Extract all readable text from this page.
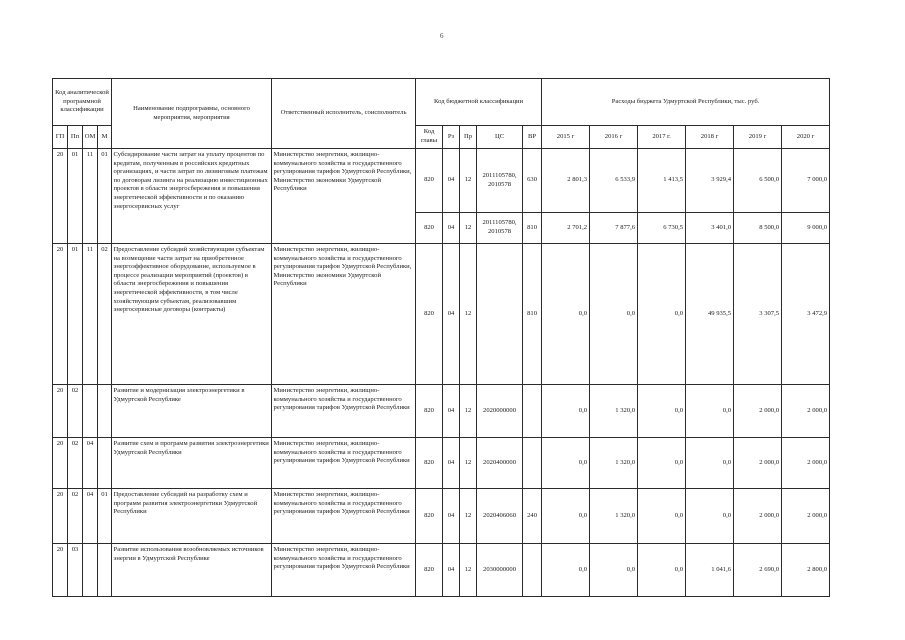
6
Код аналитической программной классификации				Наименование подпрограммы, основного мероприятия, мероприятия	Ответственный исполнитель, соисполнитель	Код бюджетной классификации					Расходы бюджета Удмуртской Республики, тыс. руб.					
ГП	Пп	ОМ	М			Код главы	Рз	Пр	ЦС	ВР	2015 г	2016 г	2017 г.	2018 г	2019 г	2020 г
20	01	11	01	Субсидирование части затрат на уплату процентов по кредитам, полученным в российских кредитных организациях, и части затрат по лизинговым платежам по договорам лизинга на реализацию инвестиционных проектов в области энергосбережения и повышения энергетической эффективности и по оказанию энергосервисных услуг	Министерство энергетики, жилищно-коммунального хозяйства и государственного регулирования тарифов Удмуртской Республики, Министерство экономики Удмуртской Республики	820	04	12	2011105780, 2010578	630	2 801,3	6 533,9	1 413,5	3 929,4	6 500,0	7 000,0
						820	04	12	2011105780, 2010578	810	2 701,2	7 877,6	6 730,5	3 401,0	8 500,0	9 000,0
20	01	11	02	Предоставление субсидий хозяйствующим субъектам на возмещение части затрат на приобретенное энергоэффективное оборудование, используемое в процессе реализации мероприятий (проектов) в области энергосбережения и повышения энергетической эффективности, в том числе хозяйствующим субъектам, реализовавшим энергосервисные договоры (контракты)	Министерство энергетики, жилищно-коммунального хозяйства и государственного регулирования тарифов Удмуртской Республики, Министерство экономики Удмуртской Республики	820	04	12		810	0,0	0,0	0,0	49 935,5	3 307,5	3 472,9
20	02			Развитие и модернизация электроэнергетики в Удмуртской Республике	Министерство энергетики, жилищно-коммунального хозяйства и государственного регулирования тарифов Удмуртской Республики	820	04	12	2020000000		0,0	1 320,0	0,0	0,0	2 000,0	2 000,0
20	02	04		Развитие схем и программ развития электроэнергетики Удмуртской Республики	Министерство энергетики, жилищно-коммунального хозяйства и государственного регулирования тарифов Удмуртской Республики	820	04	12	2020400000		0,0	1 320,0	0,0	0,0	2 000,0	2 000,0
20	02	04	01	Предоставление субсидий на разработку схем и программ развития электроэнергетики Удмуртской Республики	Министерство энергетики, жилищно-коммунального хозяйства и государственного регулирования тарифов Удмуртской Республики	820	04	12	2020406060	240	0,0	1 320,0	0,0	0,0	2 000,0	2 000,0
20	03			Развитие использования возобновляемых источников энергии в Удмуртской Республике	Министерство энергетики, жилищно-коммунального хозяйства и государственного регулирования тарифов Удмуртской Республики	820	04	12	2030000000		0,0	0,0	0,0	1 041,6	2 690,0	2 800,0
